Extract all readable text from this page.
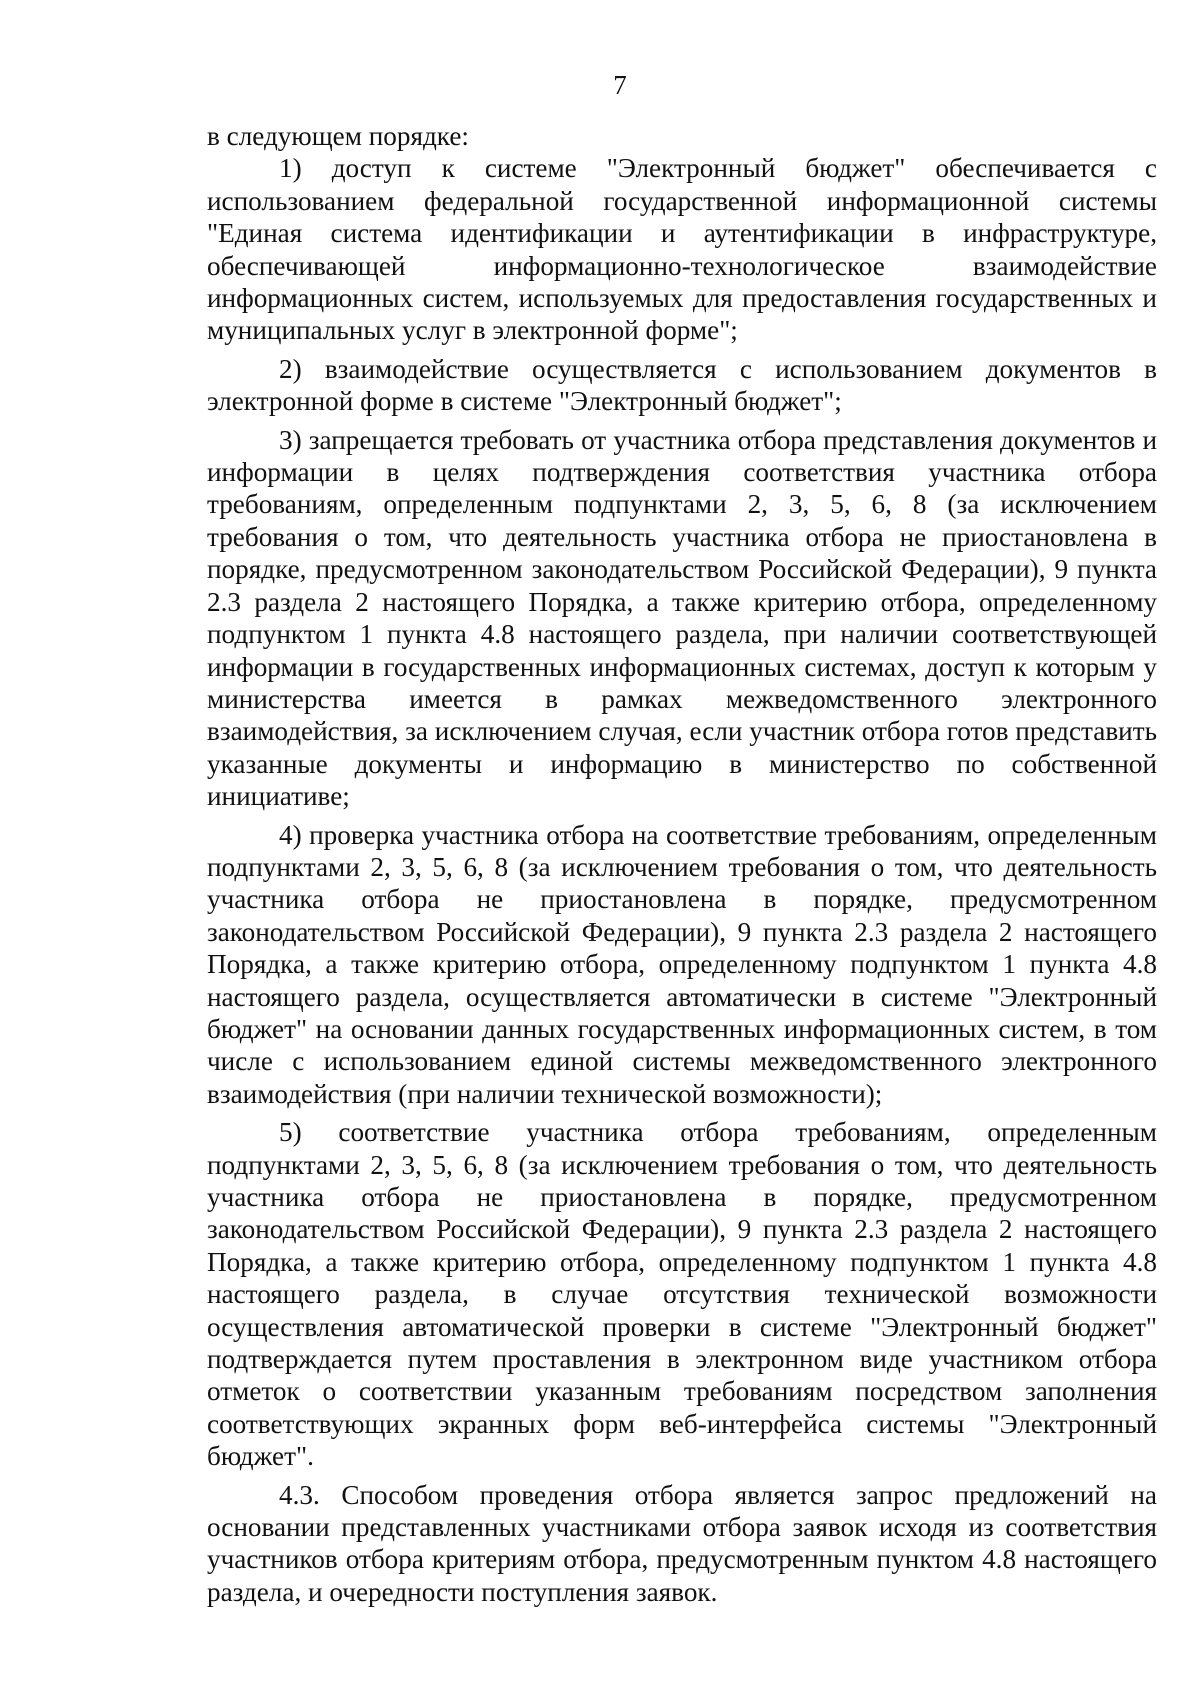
7

в следующем порядке:

1) доступ к системе "Электронный бюджет" обеспечивается с использованием федеральной государственной информационной системы "Единая система идентификации и аутентификации в инфраструктуре, обеспечивающей информационно-технологическое взаимодействие информационных систем, используемых для предоставления государственных и муниципальных услуг в электронной форме";

2) взаимодействие осуществляется с использованием документов в электронной форме в системе "Электронный бюджет";

3) запрещается требовать от участника отбора представления документов и информации в целях подтверждения соответствия участника отбора требованиям, определенным подпунктами 2, 3, 5, 6, 8 (за исключением требования о том, что деятельность участника отбора не приостановлена в порядке, предусмотренном законодательством Российской Федерации), 9 пункта 2.3 раздела 2 настоящего Порядка, а также критерию отбора, определенному подпунктом 1 пункта 4.8 настоящего раздела, при наличии соответствующей информации в государственных информационных системах, доступ к которым у министерства имеется в рамках межведомственного электронного взаимодействия, за исключением случая, если участник отбора готов представить указанные документы и информацию в министерство по собственной инициативе;

4) проверка участника отбора на соответствие требованиям, определенным подпунктами 2, 3, 5, 6, 8 (за исключением требования о том, что деятельность участника отбора не приостановлена в порядке, предусмотренном законодательством Российской Федерации), 9 пункта 2.3 раздела 2 настоящего Порядка, а также критерию отбора, определенному подпунктом 1 пункта 4.8 настоящего раздела, осуществляется автоматически в системе "Электронный бюджет" на основании данных государственных информационных систем, в том числе с использованием единой системы межведомственного электронного взаимодействия (при наличии технической возможности);

5) соответствие участника отбора требованиям, определенным подпунктами 2, 3, 5, 6, 8 (за исключением требования о том, что деятельность участника отбора не приостановлена в порядке, предусмотренном законодательством Российской Федерации), 9 пункта 2.3 раздела 2 настоящего Порядка, а также критерию отбора, определенному подпунктом 1 пункта 4.8 настоящего раздела, в случае отсутствия технической возможности осуществления автоматической проверки в системе "Электронный бюджет" подтверждается путем проставления в электронном виде участником отбора отметок о соответствии указанным требованиям посредством заполнения соответствующих экранных форм веб-интерфейса системы "Электронный бюджет".

4.3. Способом проведения отбора является запрос предложений на основании представленных участниками отбора заявок исходя из соответствия участников отбора критериям отбора, предусмотренным пунктом 4.8 настоящего раздела, и очередности поступления заявок.
